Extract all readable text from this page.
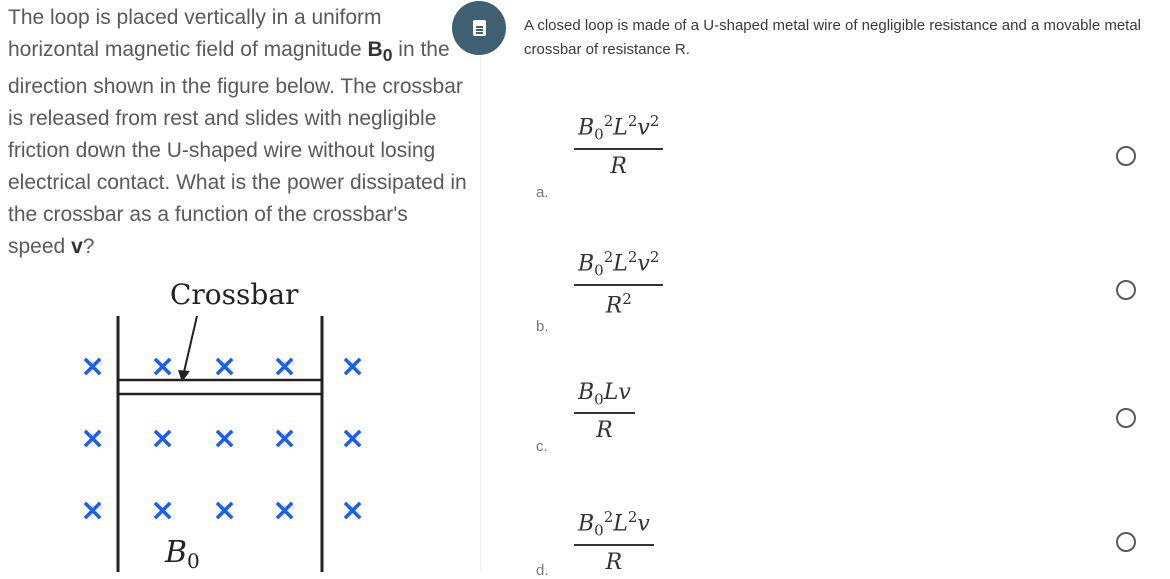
The loop is placed vertically in a uniform horizontal magnetic field of magnitude $B_0$ in the direction shown in the figure below. The crossbar is released from rest and slides with negligible friction down the U-shaped wire without losing electrical contact. What is the power dissipated in the crossbar as a function of the crossbar's speed v?

Crossbar
× × × × ×
× × × × ×
× × × × ×
$B_0$
A closed loop is made of a U-shaped metal wire of negligible resistance and a movable metal
crossbar of resistance R.
a.
$B_0^2L^2v^2$
R
b.
$B_0^2L^2v^2$
$R^2$
c.
$B_0Lv$
R
d.
$B_0^2L^2v$
R
